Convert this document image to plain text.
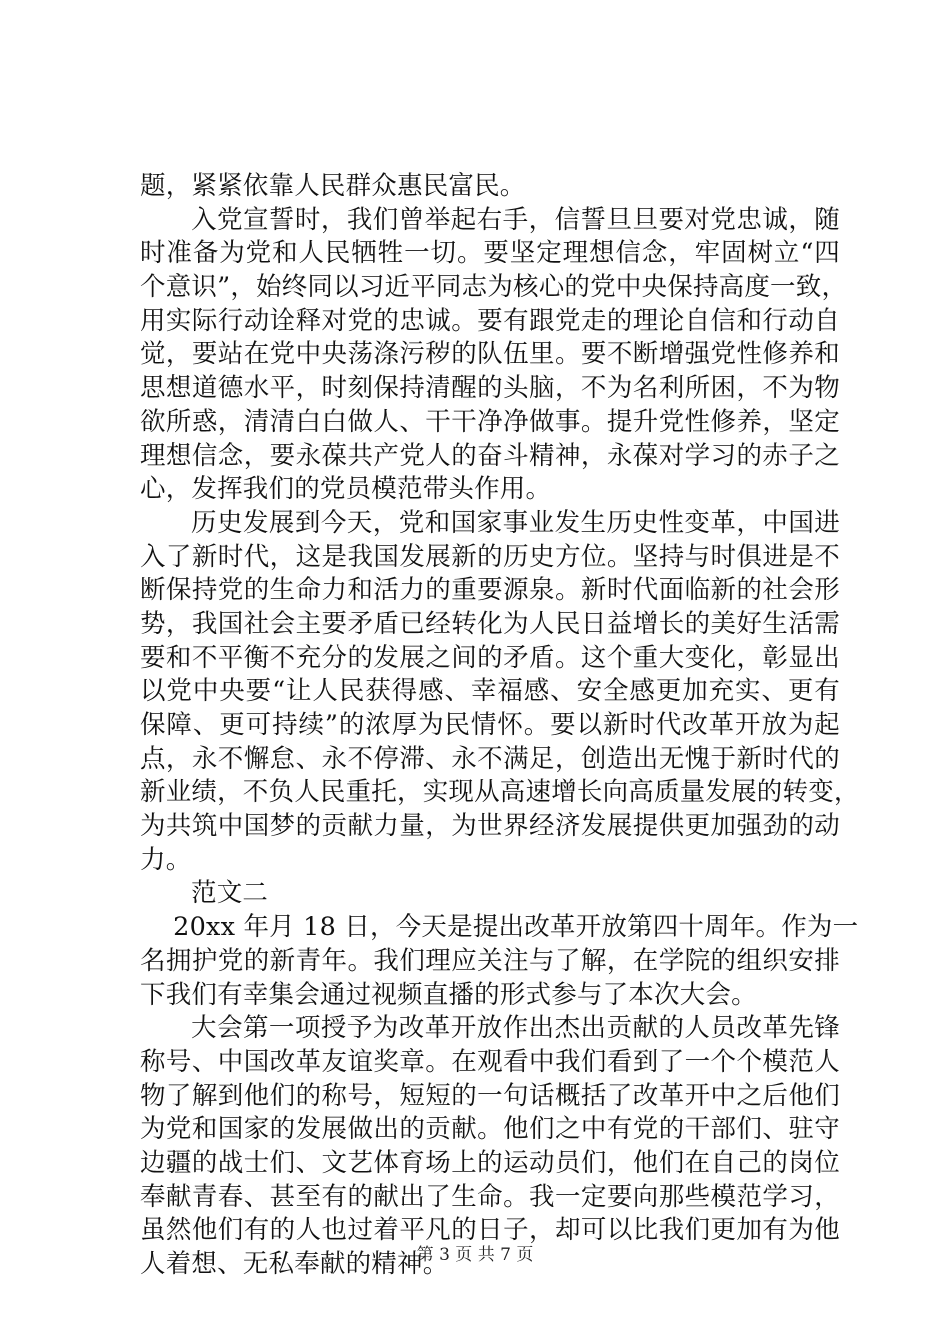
题，紧紧依靠人民群众惠民富民。
入党宣誓时，我们曾举起右手，信誓旦旦要对党忠诚，随
时准备为党和人民牺牲一切。要坚定理想信念，牢固树立“四
个意识”，始终同以习近平同志为核心的党中央保持高度一致，
用实际行动诠释对党的忠诚。要有跟党走的理论自信和行动自
觉，要站在党中央荡涤污秽的队伍里。要不断增强党性修养和
思想道德水平，时刻保持清醒的头脑，不为名利所困，不为物
欲所惑，清清白白做人、干干净净做事。提升党性修养，坚定
理想信念，要永葆共产党人的奋斗精神，永葆对学习的赤子之
心，发挥我们的党员模范带头作用。
历史发展到今天，党和国家事业发生历史性变革，中国进
入了新时代，这是我国发展新的历史方位。坚持与时俱进是不
断保持党的生命力和活力的重要源泉。新时代面临新的社会形
势，我国社会主要矛盾已经转化为人民日益增长的美好生活需
要和不平衡不充分的发展之间的矛盾。这个重大变化，彰显出
以党中央要“让人民获得感、幸福感、安全感更加充实、更有
保障、更可持续”的浓厚为民情怀。要以新时代改革开放为起
点，永不懈怠、永不停滞、永不满足，创造出无愧于新时代的
新业绩，不负人民重托，实现从高速增长向高质量发展的转变，
为共筑中国梦的贡献力量，为世界经济发展提供更加强劲的动
力。
范文二
20xx 年月 18 日，今天是提出改革开放第四十周年。作为一
名拥护党的新青年。我们理应关注与了解，在学院的组织安排
下我们有幸集会通过视频直播的形式参与了本次大会。
大会第一项授予为改革开放作出杰出贡献的人员改革先锋
称号、中国改革友谊奖章。在观看中我们看到了一个个模范人
物了解到他们的称号，短短的一句话概括了改革开中之后他们
为党和国家的发展做出的贡献。他们之中有党的干部们、驻守
边疆的战士们、文艺体育场上的运动员们，他们在自己的岗位
奉献青春、甚至有的献出了生命。我一定要向那些模范学习，
虽然他们有的人也过着平凡的日子，却可以比我们更加有为他
人着想、无私奉献的精神。
第 3 页 共 7 页
